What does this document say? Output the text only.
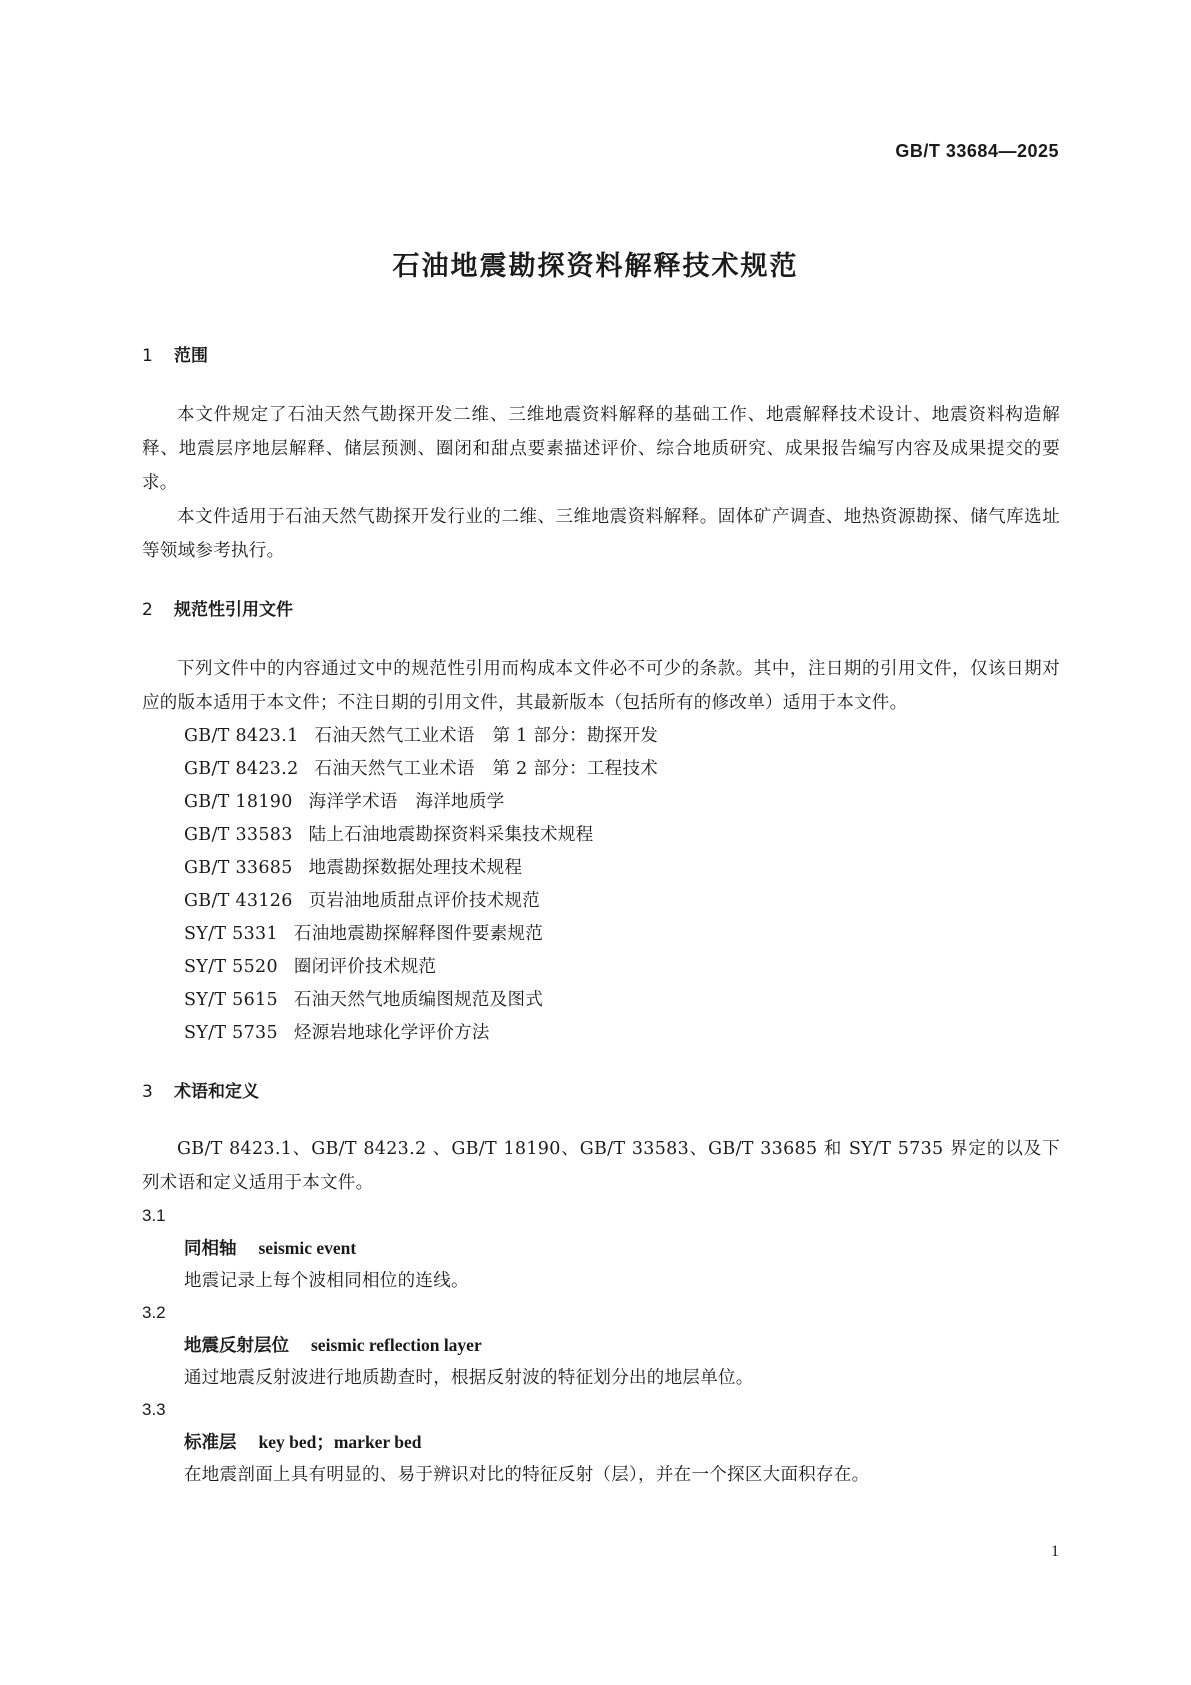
GB/T 33684—2025
石油地震勘探资料解释技术规范
1 范围

本文件规定了石油天然气勘探开发二维、三维地震资料解释的基础工作、地震解释技术设计、地震资料构造解释、地震层序地层解释、储层预测、圈闭和甜点要素描述评价、综合地质研究、成果报告编写内容及成果提交的要求。

本文件适用于石油天然气勘探开发行业的二维、三维地震资料解释。固体矿产调查、地热资源勘探、储气库选址等领域参考执行。

2 规范性引用文件

下列文件中的内容通过文中的规范性引用而构成本文件必不可少的条款。其中，注日期的引用文件，仅该日期对应的版本适用于本文件；不注日期的引用文件，其最新版本（包括所有的修改单）适用于本文件。

GB/T 8423.1 石油天然气工业术语　第 1 部分：勘探开发
GB/T 8423.2 石油天然气工业术语　第 2 部分：工程技术
GB/T 18190 海洋学术语　海洋地质学
GB/T 33583 陆上石油地震勘探资料采集技术规程
GB/T 33685 地震勘探数据处理技术规程
GB/T 43126 页岩油地质甜点评价技术规范
SY/T 5331 石油地震勘探解释图件要素规范
SY/T 5520 圈闭评价技术规范
SY/T 5615 石油天然气地质编图规范及图式
SY/T 5735 烃源岩地球化学评价方法
3 术语和定义

GB/T 8423.1、GB/T 8423.2 、GB/T 18190、GB/T 33583、GB/T 33685 和 SY/T 5735 界定的以及下列术语和定义适用于本文件。

3.1
同相轴 seismic event
地震记录上每个波相同相位的连线。
3.2
地震反射层位 seismic reflection layer
通过地震反射波进行地质勘查时，根据反射波的特征划分出的地层单位。
3.3
标准层 key bed；marker bed
在地震剖面上具有明显的、易于辨识对比的特征反射（层），并在一个探区大面积存在。
1
